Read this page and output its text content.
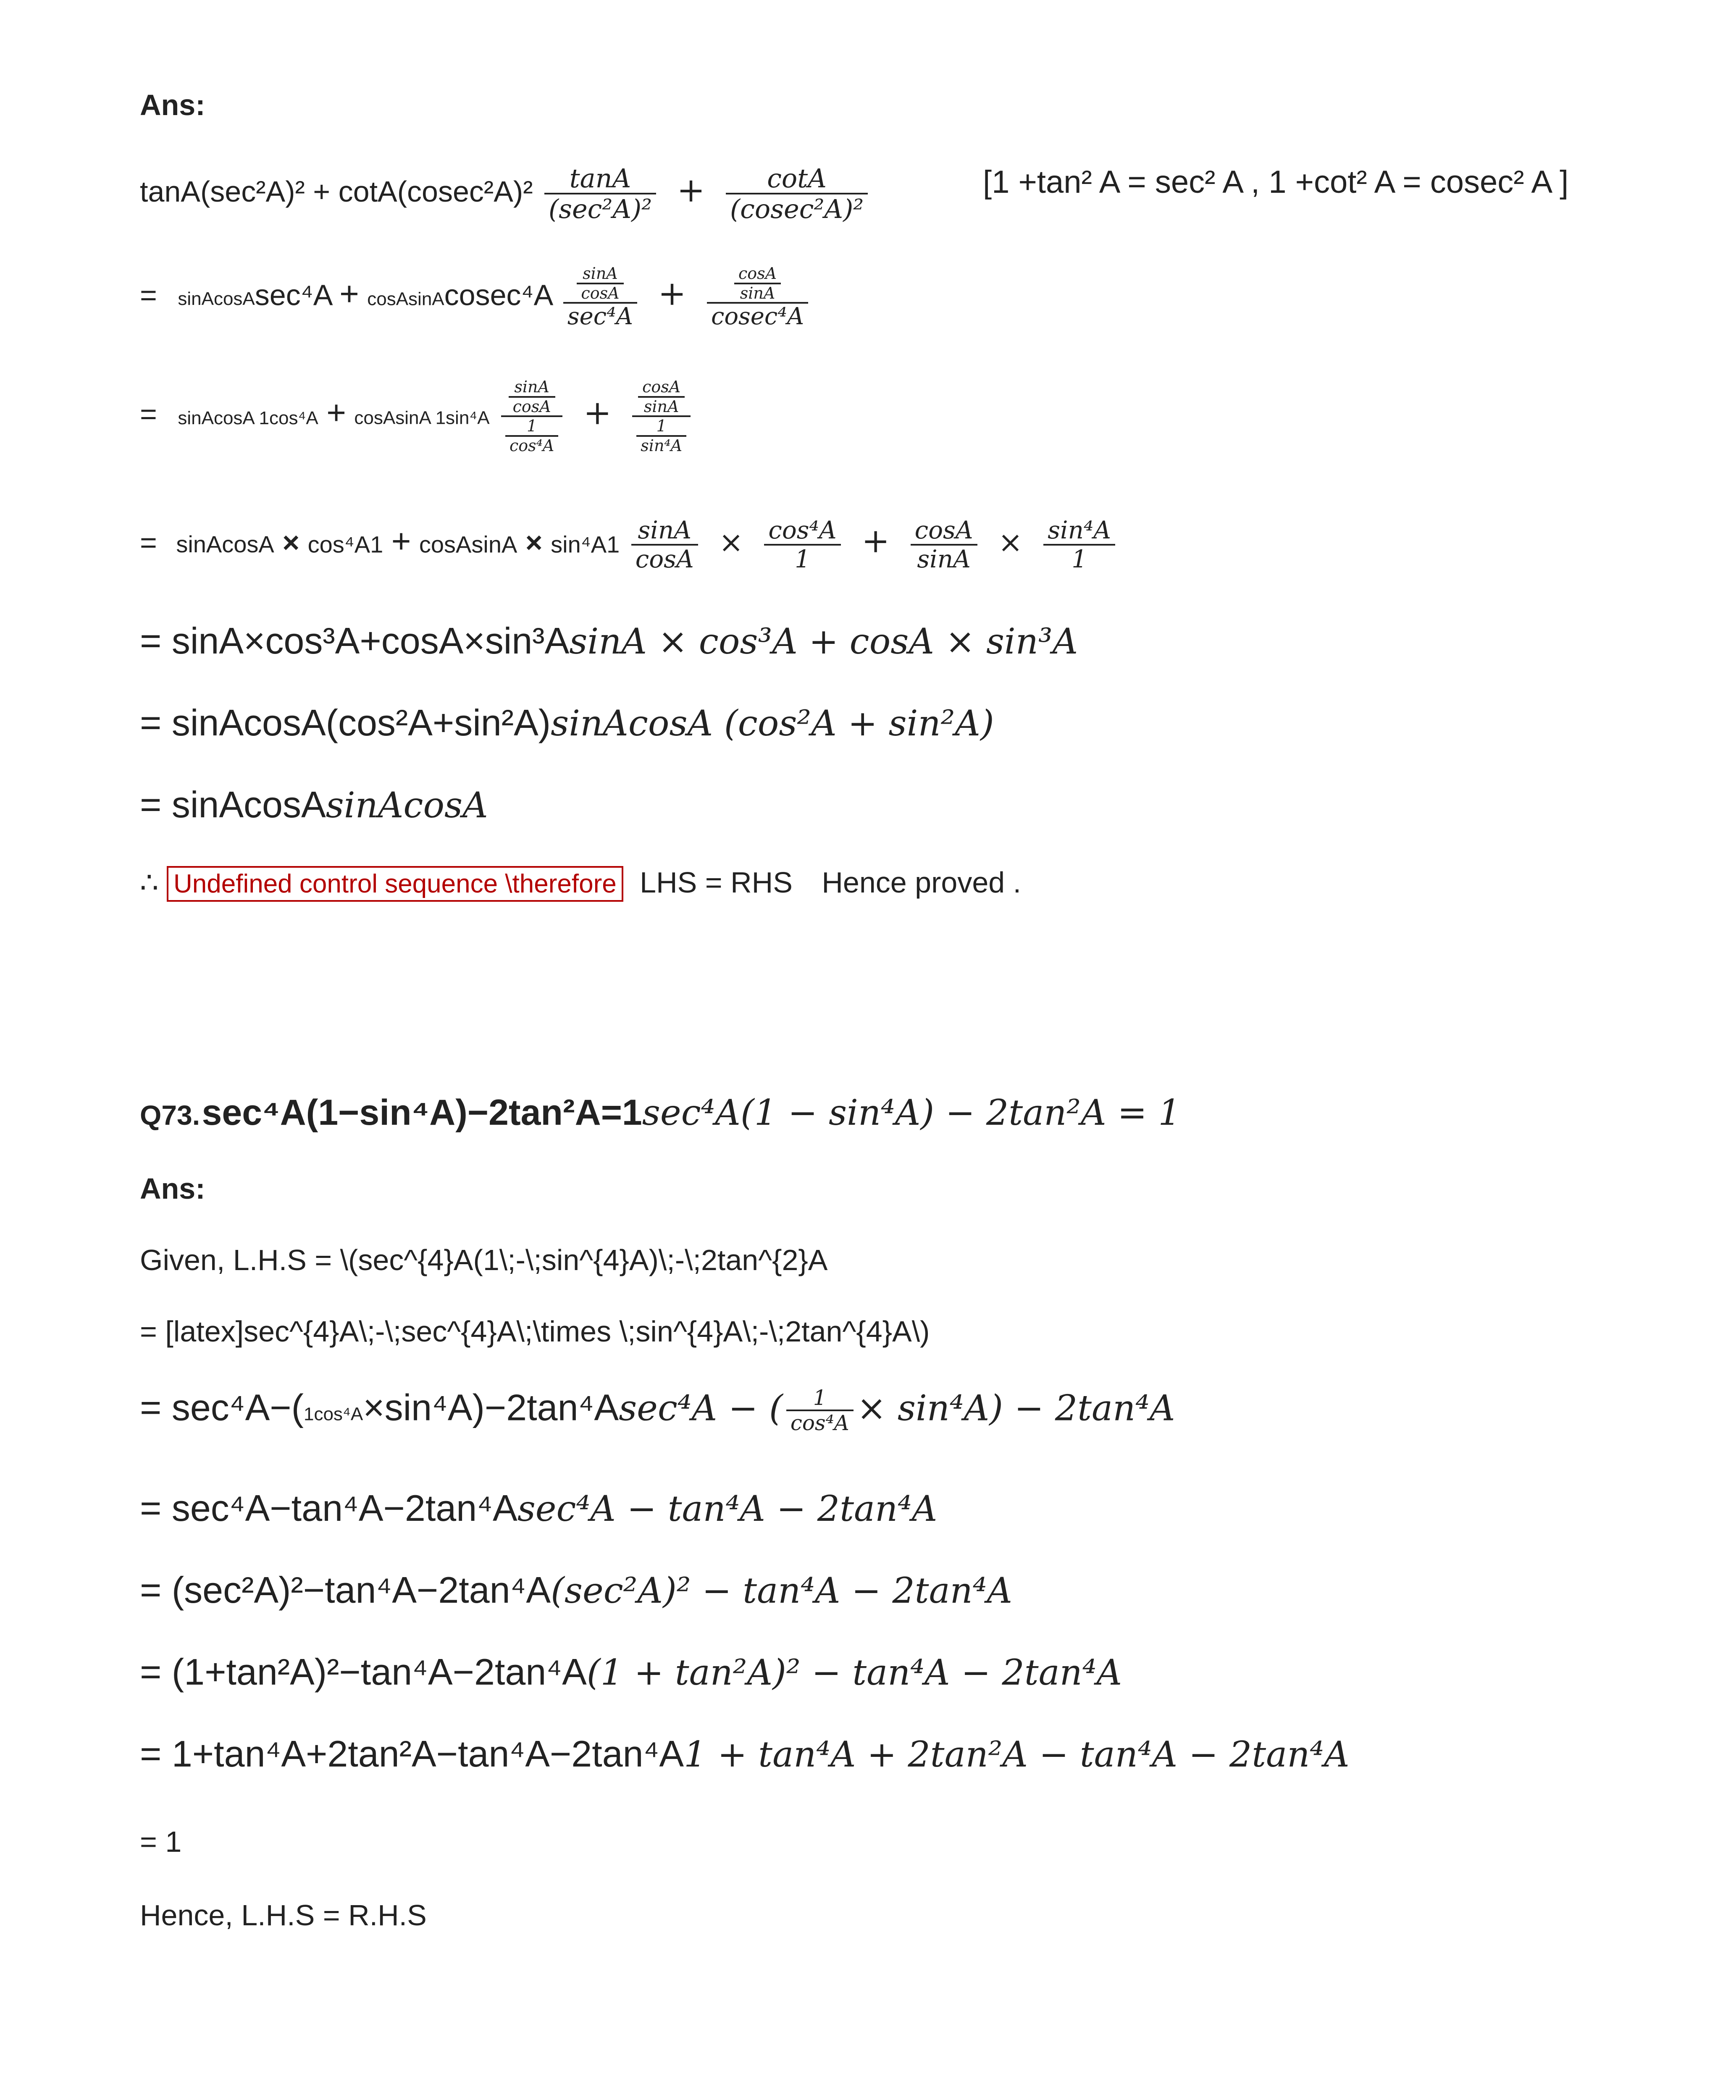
Ans:
$\tan A(\sec^2A)^2 + \cot A(cosec^2A)^2 \frac{\tan A}{\text{(sec²A)²}} + \frac{\cot A}{\text{(cosec²A)²}}$	[1 +tan² A = sec² A , 1 +cot² A = cosec² A ]
= sinAcosAsec⁴A + cosAsinAcosec⁴A $\frac{\frac{\sin A}{\cos A}}{\text{sec⁴A}} + \frac{\frac{\cos A}{\sin A}}{\text{cosec⁴A}}$
= sinAcosA 1cos⁴A + cosAsinA $1\sin^4A \frac{\frac{\sin A}{\cos A}}{\frac{1}{\text{cos⁴A}}} + \frac{\frac{\cos A}{\sin A}}{\frac{1}{\text{sin⁴A}}}$
= sinAcosA × cos⁴A1 + cosAsinA × $\sin^4A1 \frac{\sin A}{\cos A} \times \frac{\text{cos⁴A}}{1} + \frac{\cos A}{\sin A} \times \frac{\text{sin⁴A}}{1}$
= sinA×cos³A+cosA×sin³AsinA × cos³A + cosA × sin³A
= sinAcosA(cos²A+sin²A)sinAcosA (cos²A + sin²A)
= sinAcosAsinAcosA
∴ Undefined control sequence \therefore LHS = RHS Hence proved .
Q73. sec⁴A(1−sin⁴A)−2tan²A=1sec⁴A(1 − sin⁴A) − 2tan²A = 1
Ans:
Given, L.H.S = \(sec^{4}A(1\;-\;sin^{4}A)\;-\;2tan^{2}A
= [latex]sec^{4}A\;-\;sec^{4}A\;\times \;sin^{4}A\;-\;2tan^{4}A\)
= sec⁴A−(1cos⁴A×sin⁴A)−2tan⁴Asec⁴A − ( $\frac{1}{\text{cos⁴A}} \times \sin^4A) - 2\tan^4A$
= sec⁴A−tan⁴A−2tan⁴Asec⁴A − tan⁴A − 2tan⁴A
= (sec²A)²−tan⁴A−2tan⁴A(sec²A)² − tan⁴A − 2tan⁴A
= (1+tan²A)²−tan⁴A−2tan⁴A(1 + tan²A)² − tan⁴A − 2tan⁴A
= 1+tan⁴A+2tan²A−tan⁴A−2tan⁴A1 + tan⁴A + 2tan²A − tan⁴A − 2tan⁴A
= 1
Hence, L.H.S = R.H.S
